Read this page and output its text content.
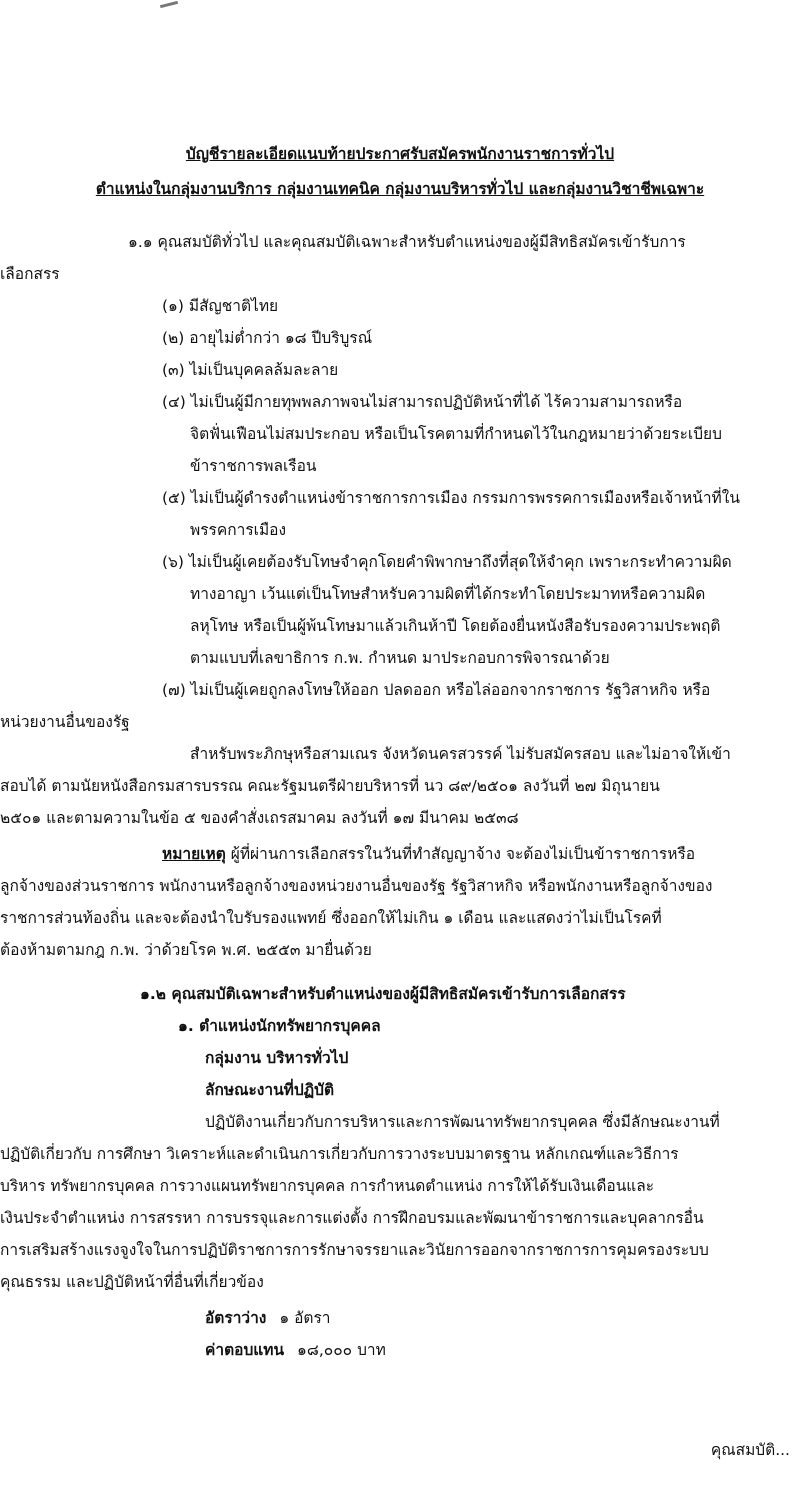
บัญชีรายละเอียดแนบท้ายประกาศรับสมัครพนักงานราชการทั่วไป
ตำแหน่งในกลุ่มงานบริการ กลุ่มงานเทคนิค กลุ่มงานบริหารทั่วไป และกลุ่มงานวิชาชีพเฉพาะ
๑.๑ คุณสมบัติทั่วไป และคุณสมบัติเฉพาะสำหรับตำแหน่งของผู้มีสิทธิสมัครเข้ารับการ
เลือกสรร
(๑) มีสัญชาติไทย
(๒) อายุไม่ต่ำกว่า ๑๘ ปีบริบูรณ์
(๓) ไม่เป็นบุคคลล้มละลาย
(๔) ไม่เป็นผู้มีกายทุพพลภาพจนไม่สามารถปฏิบัติหน้าที่ได้ ไร้ความสามารถหรือ
จิตฟั่นเฟือนไม่สมประกอบ หรือเป็นโรคตามที่กำหนดไว้ในกฎหมายว่าด้วยระเบียบ
ข้าราชการพลเรือน
(๕) ไม่เป็นผู้ดำรงตำแหน่งข้าราชการการเมือง กรรมการพรรคการเมืองหรือเจ้าหน้าที่ใน
พรรคการเมือง
(๖) ไม่เป็นผู้เคยต้องรับโทษจำคุกโดยคำพิพากษาถึงที่สุดให้จำคุก เพราะกระทำความผิด
ทางอาญา เว้นแต่เป็นโทษสำหรับความผิดที่ได้กระทำโดยประมาทหรือความผิด
ลหุโทษ หรือเป็นผู้พ้นโทษมาแล้วเกินห้าปี โดยต้องยื่นหนังสือรับรองความประพฤติ
ตามแบบที่เลขาธิการ ก.พ. กำหนด มาประกอบการพิจารณาด้วย
(๗) ไม่เป็นผู้เคยถูกลงโทษให้ออก ปลดออก หรือไล่ออกจากราชการ รัฐวิสาหกิจ หรือ
หน่วยงานอื่นของรัฐ
สำหรับพระภิกษุหรือสามเณร จังหวัดนครสวรรค์ ไม่รับสมัครสอบ และไม่อาจให้เข้า
สอบได้ ตามนัยหนังสือกรมสารบรรณ คณะรัฐมนตรีฝ่ายบริหารที่ นว ๘๙/๒๕๐๑ ลงวันที่ ๒๗ มิถุนายน
๒๕๐๑ และตามความในข้อ ๕ ของคำสั่งเถรสมาคม ลงวันที่ ๑๗ มีนาคม ๒๕๓๘
หมายเหตุ ผู้ที่ผ่านการเลือกสรรในวันที่ทำสัญญาจ้าง จะต้องไม่เป็นข้าราชการหรือ
ลูกจ้างของส่วนราชการ พนักงานหรือลูกจ้างของหน่วยงานอื่นของรัฐ รัฐวิสาหกิจ หรือพนักงานหรือลูกจ้างของ
ราชการส่วนท้องถิ่น และจะต้องนำใบรับรองแพทย์ ซึ่งออกให้ไม่เกิน ๑ เดือน และแสดงว่าไม่เป็นโรคที่
ต้องห้ามตามกฎ ก.พ. ว่าด้วยโรค พ.ศ. ๒๕๕๓ มายื่นด้วย
๑.๒ คุณสมบัติเฉพาะสำหรับตำแหน่งของผู้มีสิทธิสมัครเข้ารับการเลือกสรร
๑. ตำแหน่งนักทรัพยากรบุคคล
กลุ่มงาน บริหารทั่วไป
ลักษณะงานที่ปฏิบัติ
ปฏิบัติงานเกี่ยวกับการบริหารและการพัฒนาทรัพยากรบุคคล ซึ่งมีลักษณะงานที่
ปฏิบัติเกี่ยวกับ การศึกษา วิเคราะห์และดำเนินการเกี่ยวกับการวางระบบมาตรฐาน หลักเกณฑ์และวิธีการ
บริหาร ทรัพยากรบุคคล การวางแผนทรัพยากรบุคคล การกำหนดตำแหน่ง การให้ได้รับเงินเดือนและ
เงินประจำตำแหน่ง การสรรหา การบรรจุและการแต่งตั้ง การฝึกอบรมและพัฒนาข้าราชการและบุคลากรอื่น
การเสริมสร้างแรงจูงใจในการปฏิบัติราชการการรักษาจรรยาและวินัยการออกจากราชการการคุมครองระบบ
คุณธรรม และปฏิบัติหน้าที่อื่นที่เกี่ยวข้อง
อัตราว่าง ๑ อัตรา
ค่าตอบแทน ๑๘,๐๐๐ บาท
คุณสมบัติ...
